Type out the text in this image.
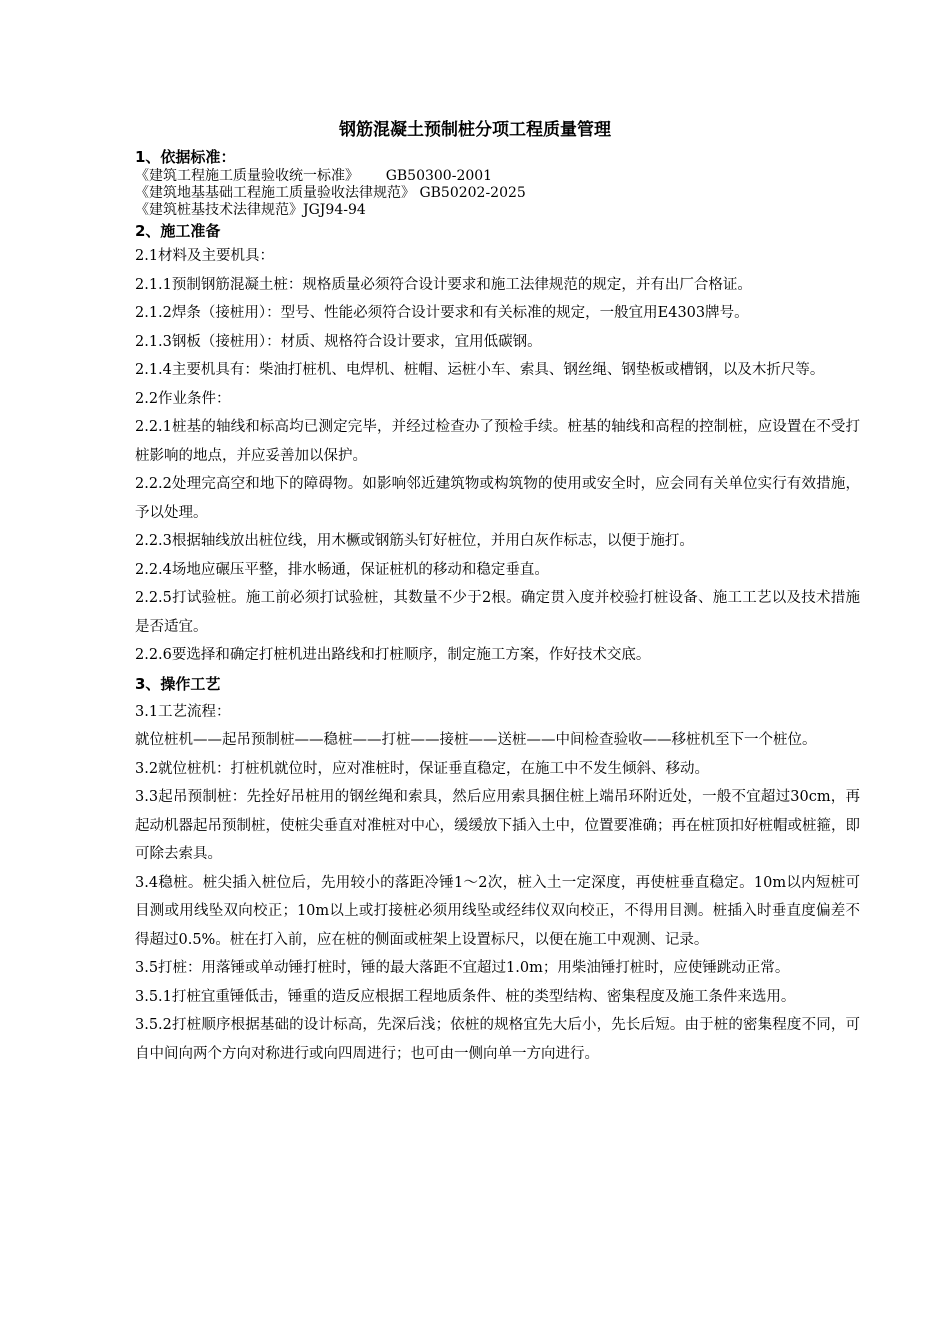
钢筋混凝土预制桩分项工程质量管理

1、依据标准：

《建筑工程施工质量验收统一标准》      GB50300-2001

《建筑地基基础工程施工质量验收法律规范》 GB50202-2025

《建筑桩基技术法律规范》JGJ94-94

2、施工准备

2.1材料及主要机具：

2.1.1预制钢筋混凝土桩：规格质量必须符合设计要求和施工法律规范的规定，并有出厂合格证。

2.1.2焊条（接桩用）：型号、性能必须符合设计要求和有关标准的规定，一般宜用E4303牌号。

2.1.3钢板（接桩用）：材质、规格符合设计要求，宜用低碳钢。

2.1.4主要机具有：柴油打桩机、电焊机、桩帽、运桩小车、索具、钢丝绳、钢垫板或槽钢，以及木折尺等。

2.2作业条件：

2.2.1桩基的轴线和标高均已测定完毕，并经过检查办了预检手续。桩基的轴线和高程的控制桩，应设置在不受打桩影响的地点，并应妥善加以保护。

2.2.2处理完高空和地下的障碍物。如影响邻近建筑物或构筑物的使用或安全时，应会同有关单位实行有效措施，予以处理。

2.2.3根据轴线放出桩位线，用木橛或钢筋头钉好桩位，并用白灰作标志，以便于施打。

2.2.4场地应碾压平整，排水畅通，保证桩机的移动和稳定垂直。

2.2.5打试验桩。施工前必须打试验桩，其数量不少于2根。确定贯入度并校验打桩设备、施工工艺以及技术措施是否适宜。

2.2.6要选择和确定打桩机进出路线和打桩顺序，制定施工方案，作好技术交底。

3、操作工艺

3.1工艺流程：

就位桩机——起吊预制桩——稳桩——打桩——接桩——送桩——中间检查验收——移桩机至下一个桩位。

3.2就位桩机：打桩机就位时，应对准桩时，保证垂直稳定，在施工中不发生倾斜、移动。

3.3起吊预制桩：先拴好吊桩用的钢丝绳和索具，然后应用索具捆住桩上端吊环附近处，一般不宜超过30cm，再起动机器起吊预制桩，使桩尖垂直对准桩对中心，缓缓放下插入土中，位置要准确；再在桩顶扣好桩帽或桩箍，即可除去索具。

3.4稳桩。桩尖插入桩位后，先用较小的落距冷锤1～2次，桩入土一定深度，再使桩垂直稳定。10m以内短桩可目测或用线坠双向校正；10m以上或打接桩必须用线坠或经纬仪双向校正，不得用目测。桩插入时垂直度偏差不得超过0.5%。桩在打入前，应在桩的侧面或桩架上设置标尺，以便在施工中观测、记录。

3.5打桩：用落锤或单动锤打桩时，锤的最大落距不宜超过1.0m；用柴油锤打桩时，应使锤跳动正常。

3.5.1打桩宜重锤低击，锤重的造反应根据工程地质条件、桩的类型结构、密集程度及施工条件来选用。

3.5.2打桩顺序根据基础的设计标高，先深后浅；依桩的规格宜先大后小，先长后短。由于桩的密集程度不同，可自中间向两个方向对称进行或向四周进行；也可由一侧向单一方向进行。
